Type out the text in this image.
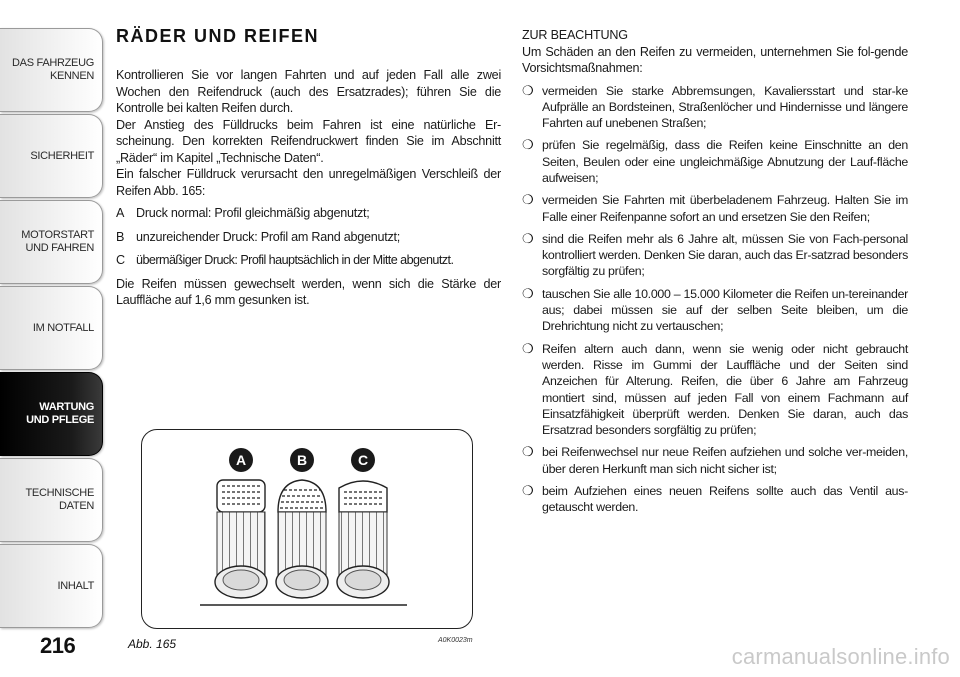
DAS FAHRZEUG
KENNEN
SICHERHEIT
MOTORSTART
UND FAHREN
IM NOTFALL
WARTUNG
UND PFLEGE
TECHNISCHE
DATEN
INHALT
216
RÄDER UND REIFEN

Kontrollieren Sie vor langen Fahrten und auf jeden Fall alle zwei Wochen den Reifendruck (auch des Ersatzrades); führen Sie die Kontrolle bei kalten Reifen durch.

Der Anstieg des Fülldrucks beim Fahren ist eine natürliche Er-scheinung. Den korrekten Reifendruckwert finden Sie im Abschnitt „Räder“ im Kapitel „Technische Daten“.

Ein falscher Fülldruck verursacht den unregelmäßigen Verschleiß der Reifen Abb. 165:

A Druck normal: Profil gleichmäßig abgenutzt;
B unzureichender Druck: Profil am Rand abgenutzt;
C übermäßiger Druck: Profil hauptsächlich in der Mitte abgenutzt.

Die Reifen müssen gewechselt werden, wenn sich die Stärke der Lauffläche auf 1,6 mm gesunken ist.

A	B	C
Abb. 165	A0K0023m
ZUR BEACHTUNG

Um Schäden an den Reifen zu vermeiden, unternehmen Sie fol-gende Vorsichtsmaßnahmen:

❍ vermeiden Sie starke Abbremsungen, Kavaliersstart und star-ke Aufprälle an Bordsteinen, Straßenlöcher und Hindernisse und längere Fahrten auf unebenen Straßen;
❍ prüfen Sie regelmäßig, dass die Reifen keine Einschnitte an den Seiten, Beulen oder eine ungleichmäßige Abnutzung der Lauf-fläche aufweisen;
❍ vermeiden Sie Fahrten mit überbeladenem Fahrzeug. Halten Sie im Falle einer Reifenpanne sofort an und ersetzen Sie den Reifen;
❍ sind die Reifen mehr als 6 Jahre alt, müssen Sie von Fach-personal kontrolliert werden. Denken Sie daran, auch das Er-satzrad besonders sorgfältig zu prüfen;
❍ tauschen Sie alle 10.000 – 15.000 Kilometer die Reifen un-tereinander aus; dabei müssen sie auf der selben Seite bleiben, um die Drehrichtung nicht zu vertauschen;
❍ Reifen altern auch dann, wenn sie wenig oder nicht gebraucht werden. Risse im Gummi der Lauffläche und der Seiten sind Anzeichen für Alterung. Reifen, die über 6 Jahre am Fahrzeug montiert sind, müssen auf jeden Fall von einem Fachmann auf Einsatzfähigkeit überprüft werden. Denken Sie daran, auch das Ersatzrad besonders sorgfältig zu prüfen;
❍ bei Reifenwechsel nur neue Reifen aufziehen und solche ver-meiden, über deren Herkunft man sich nicht sicher ist;
❍ beim Aufziehen eines neuen Reifens sollte auch das Ventil aus-getauscht werden.
carmanualsonline.info
